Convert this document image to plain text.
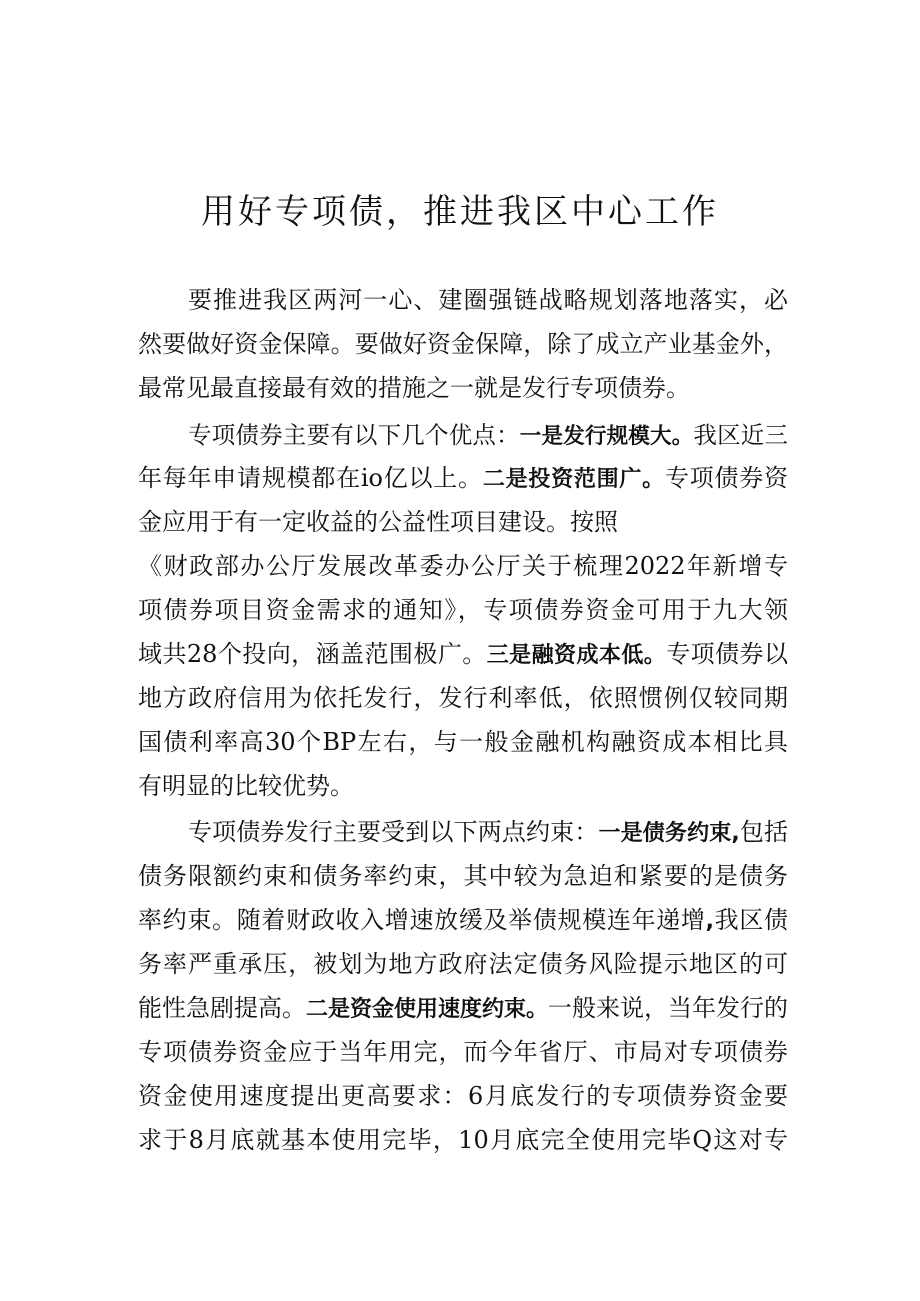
用好专项债，推进我区中心工作
要推进我区两河一心、建圈强链战略规划落地落实，必
然要做好资金保障。要做好资金保障，除了成立产业基金外，
最常见最直接最有效的措施之一就是发行专项债券。
专项债券主要有以下几个优点：一是发行规模大。我区近三
年每年申请规模都在io亿以上。二是投资范围广。专项债券资
金应用于有一定收益的公益性项目建设。按照
《财政部办公厅发展改革委办公厅关于梳理2022年新增专
项债券项目资金需求的通知》，专项债券资金可用于九大领
域共28个投向，涵盖范围极广。三是融资成本低。专项债券以
地方政府信用为依托发行，发行利率低，依照惯例仅较同期
国债利率高30个BP左右，与一般金融机构融资成本相比具
有明显的比较优势。
专项债券发行主要受到以下两点约束：一是债务约束,包括
债务限额约束和债务率约束，其中较为急迫和紧要的是债务
率约束。随着财政收入增速放缓及举债规模连年递增,我区债
务率严重承压，被划为地方政府法定债务风险提示地区的可
能性急剧提高。二是资金使用速度约束。一般来说，当年发行的
专项债券资金应于当年用完，而今年省厅、市局对专项债券
资金使用速度提出更高要求：6月底发行的专项债券资金要
求于8月底就基本使用完毕，10月底完全使用完毕Q这对专
